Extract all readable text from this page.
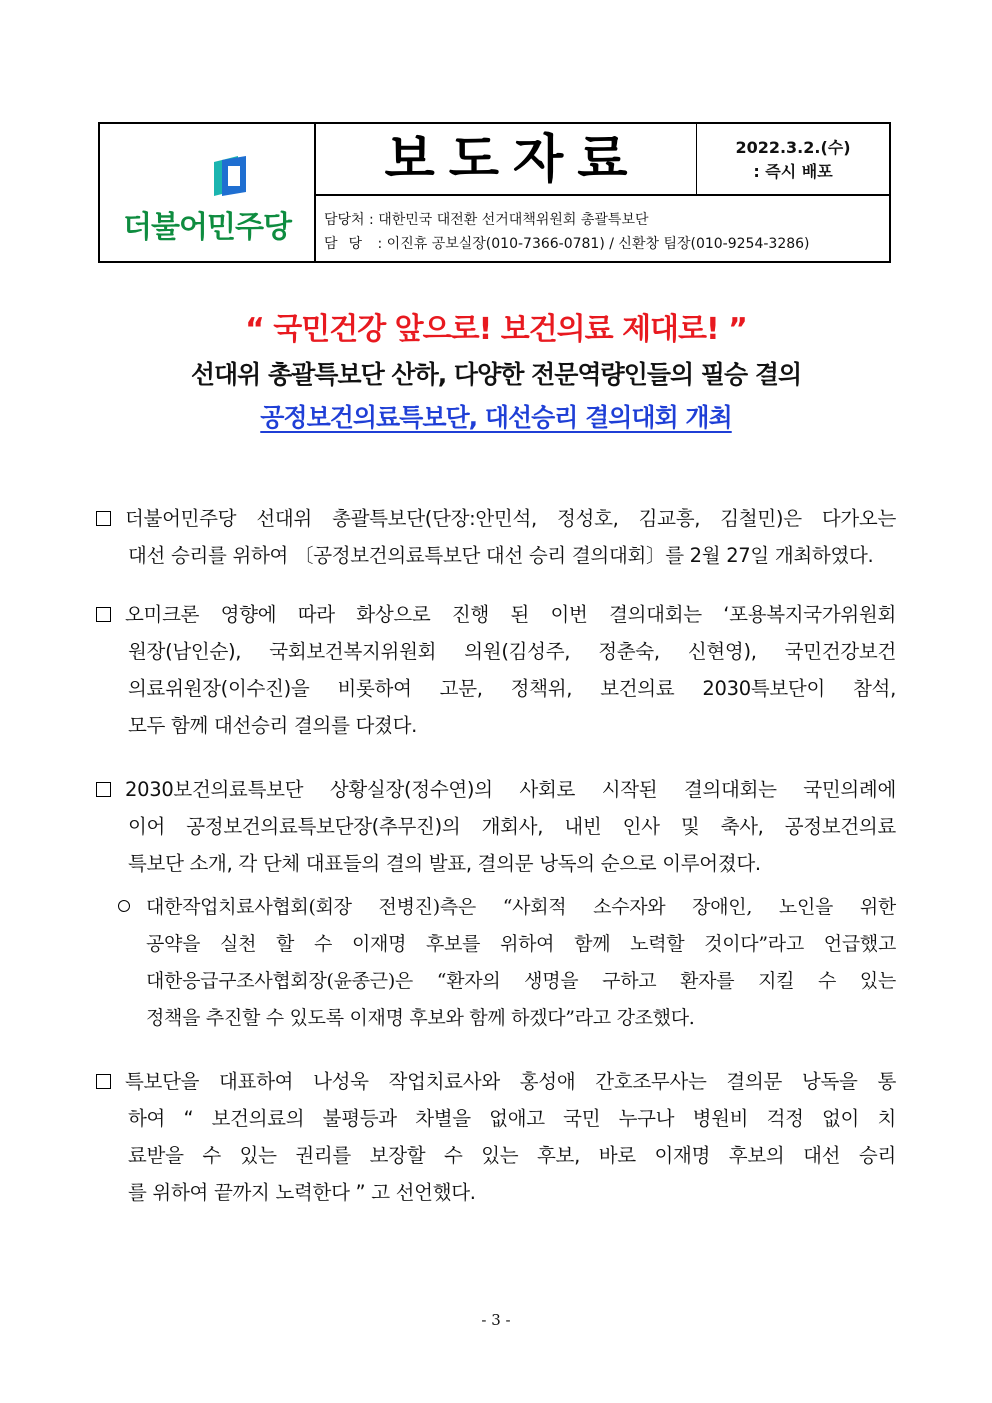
더불어민주당
보도자료	2022.3.2.(수)
: 즉시 배포
담당처 : 대한민국 대전환 선거대책위원회 총괄특보단
담당 : 이진휴 공보실장(010-7366-0781) / 신환창 팀장(010-9254-3286)
“ 국민건강 앞으로! 보건의료 제대로! ”
선대위 총괄특보단 산하, 다양한 전문역량인들의 필승 결의
공정보건의료특보단, 대선승리 결의대회 개최
더불어민주당 선대위 총괄특보단(단장:안민석, 정성호, 김교흥, 김철민)은 다가오는
대선 승리를 위하여 〔공정보건의료특보단 대선 승리 결의대회〕를 2월 27일 개최하였다.
오미크론 영향에 따라 화상으로 진행 된 이번 결의대회는 ‘포용복지국가위원회
원장(남인순), 국회보건복지위원회 의원(김성주, 정춘숙, 신현영), 국민건강보건
의료위원장(이수진)을 비롯하여 고문, 정책위, 보건의료 2030특보단이 참석,
모두 함께 대선승리 결의를 다졌다.
2030보건의료특보단 상황실장(정수연)의 사회로 시작된 결의대회는 국민의례에
이어 공정보건의료특보단장(추무진)의 개회사, 내빈 인사 및 축사, 공정보건의료
특보단 소개, 각 단체 대표들의 결의 발표, 결의문 낭독의 순으로 이루어졌다.
대한작업치료사협회(회장 전병진)측은 “사회적 소수자와 장애인, 노인을 위한
공약을 실천 할 수 이재명 후보를 위하여 함께 노력할 것이다”라고 언급했고
대한응급구조사협회장(윤종근)은 “환자의 생명을 구하고 환자를 지킬 수 있는
정책을 추진할 수 있도록 이재명 후보와 함께 하겠다”라고 강조했다.
특보단을 대표하여 나성욱 작업치료사와 홍성애 간호조무사는 결의문 낭독을 통
하여 “ 보건의료의 불평등과 차별을 없애고 국민 누구나 병원비 걱정 없이 치
료받을 수 있는 권리를 보장할 수 있는 후보, 바로 이재명 후보의 대선 승리
를 위하여 끝까지 노력한다 ” 고 선언했다.
- 3 -
